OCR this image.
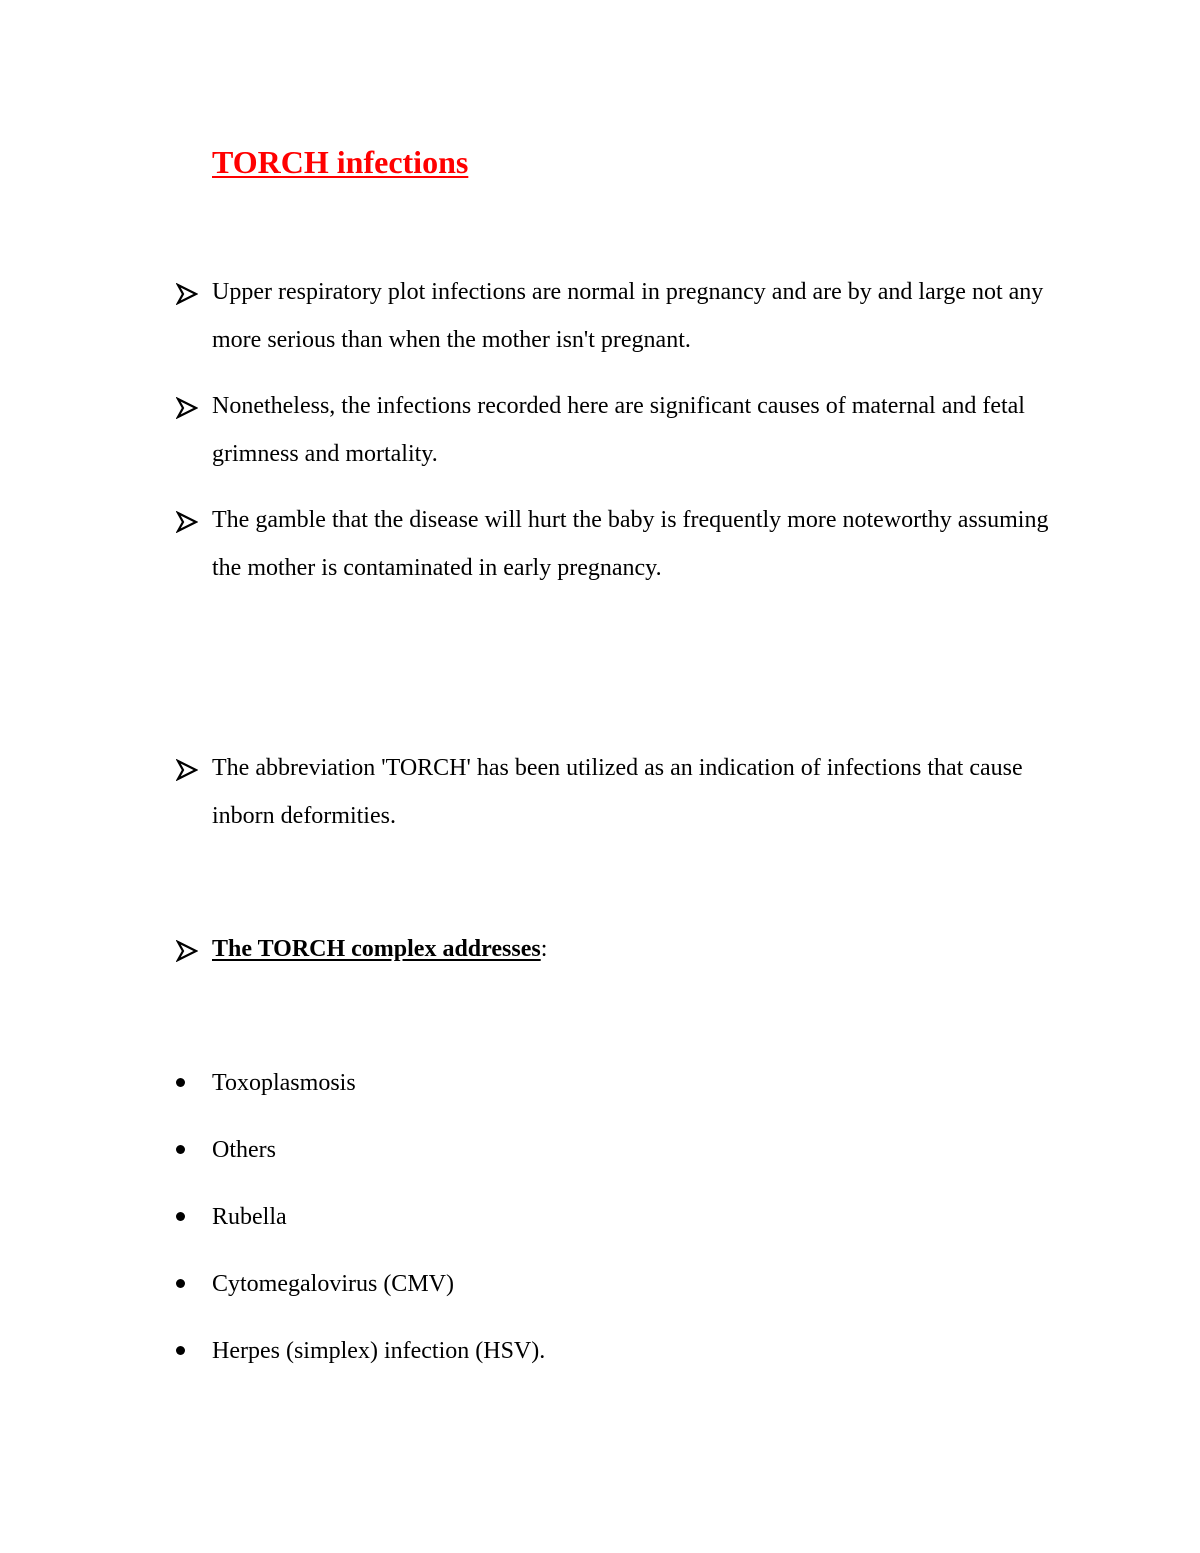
TORCH infections
Upper respiratory plot infections are normal in pregnancy and are by and large not any more serious than when the mother isn't pregnant.
Nonetheless, the infections recorded here are significant causes of maternal and fetal grimness and mortality.
The gamble that the disease will hurt the baby is frequently more noteworthy assuming the mother is contaminated in early pregnancy.
The abbreviation 'TORCH' has been utilized as an indication of infections that cause inborn deformities.
The TORCH complex addresses:
Toxoplasmosis
Others
Rubella
Cytomegalovirus (CMV)
Herpes (simplex) infection (HSV).
